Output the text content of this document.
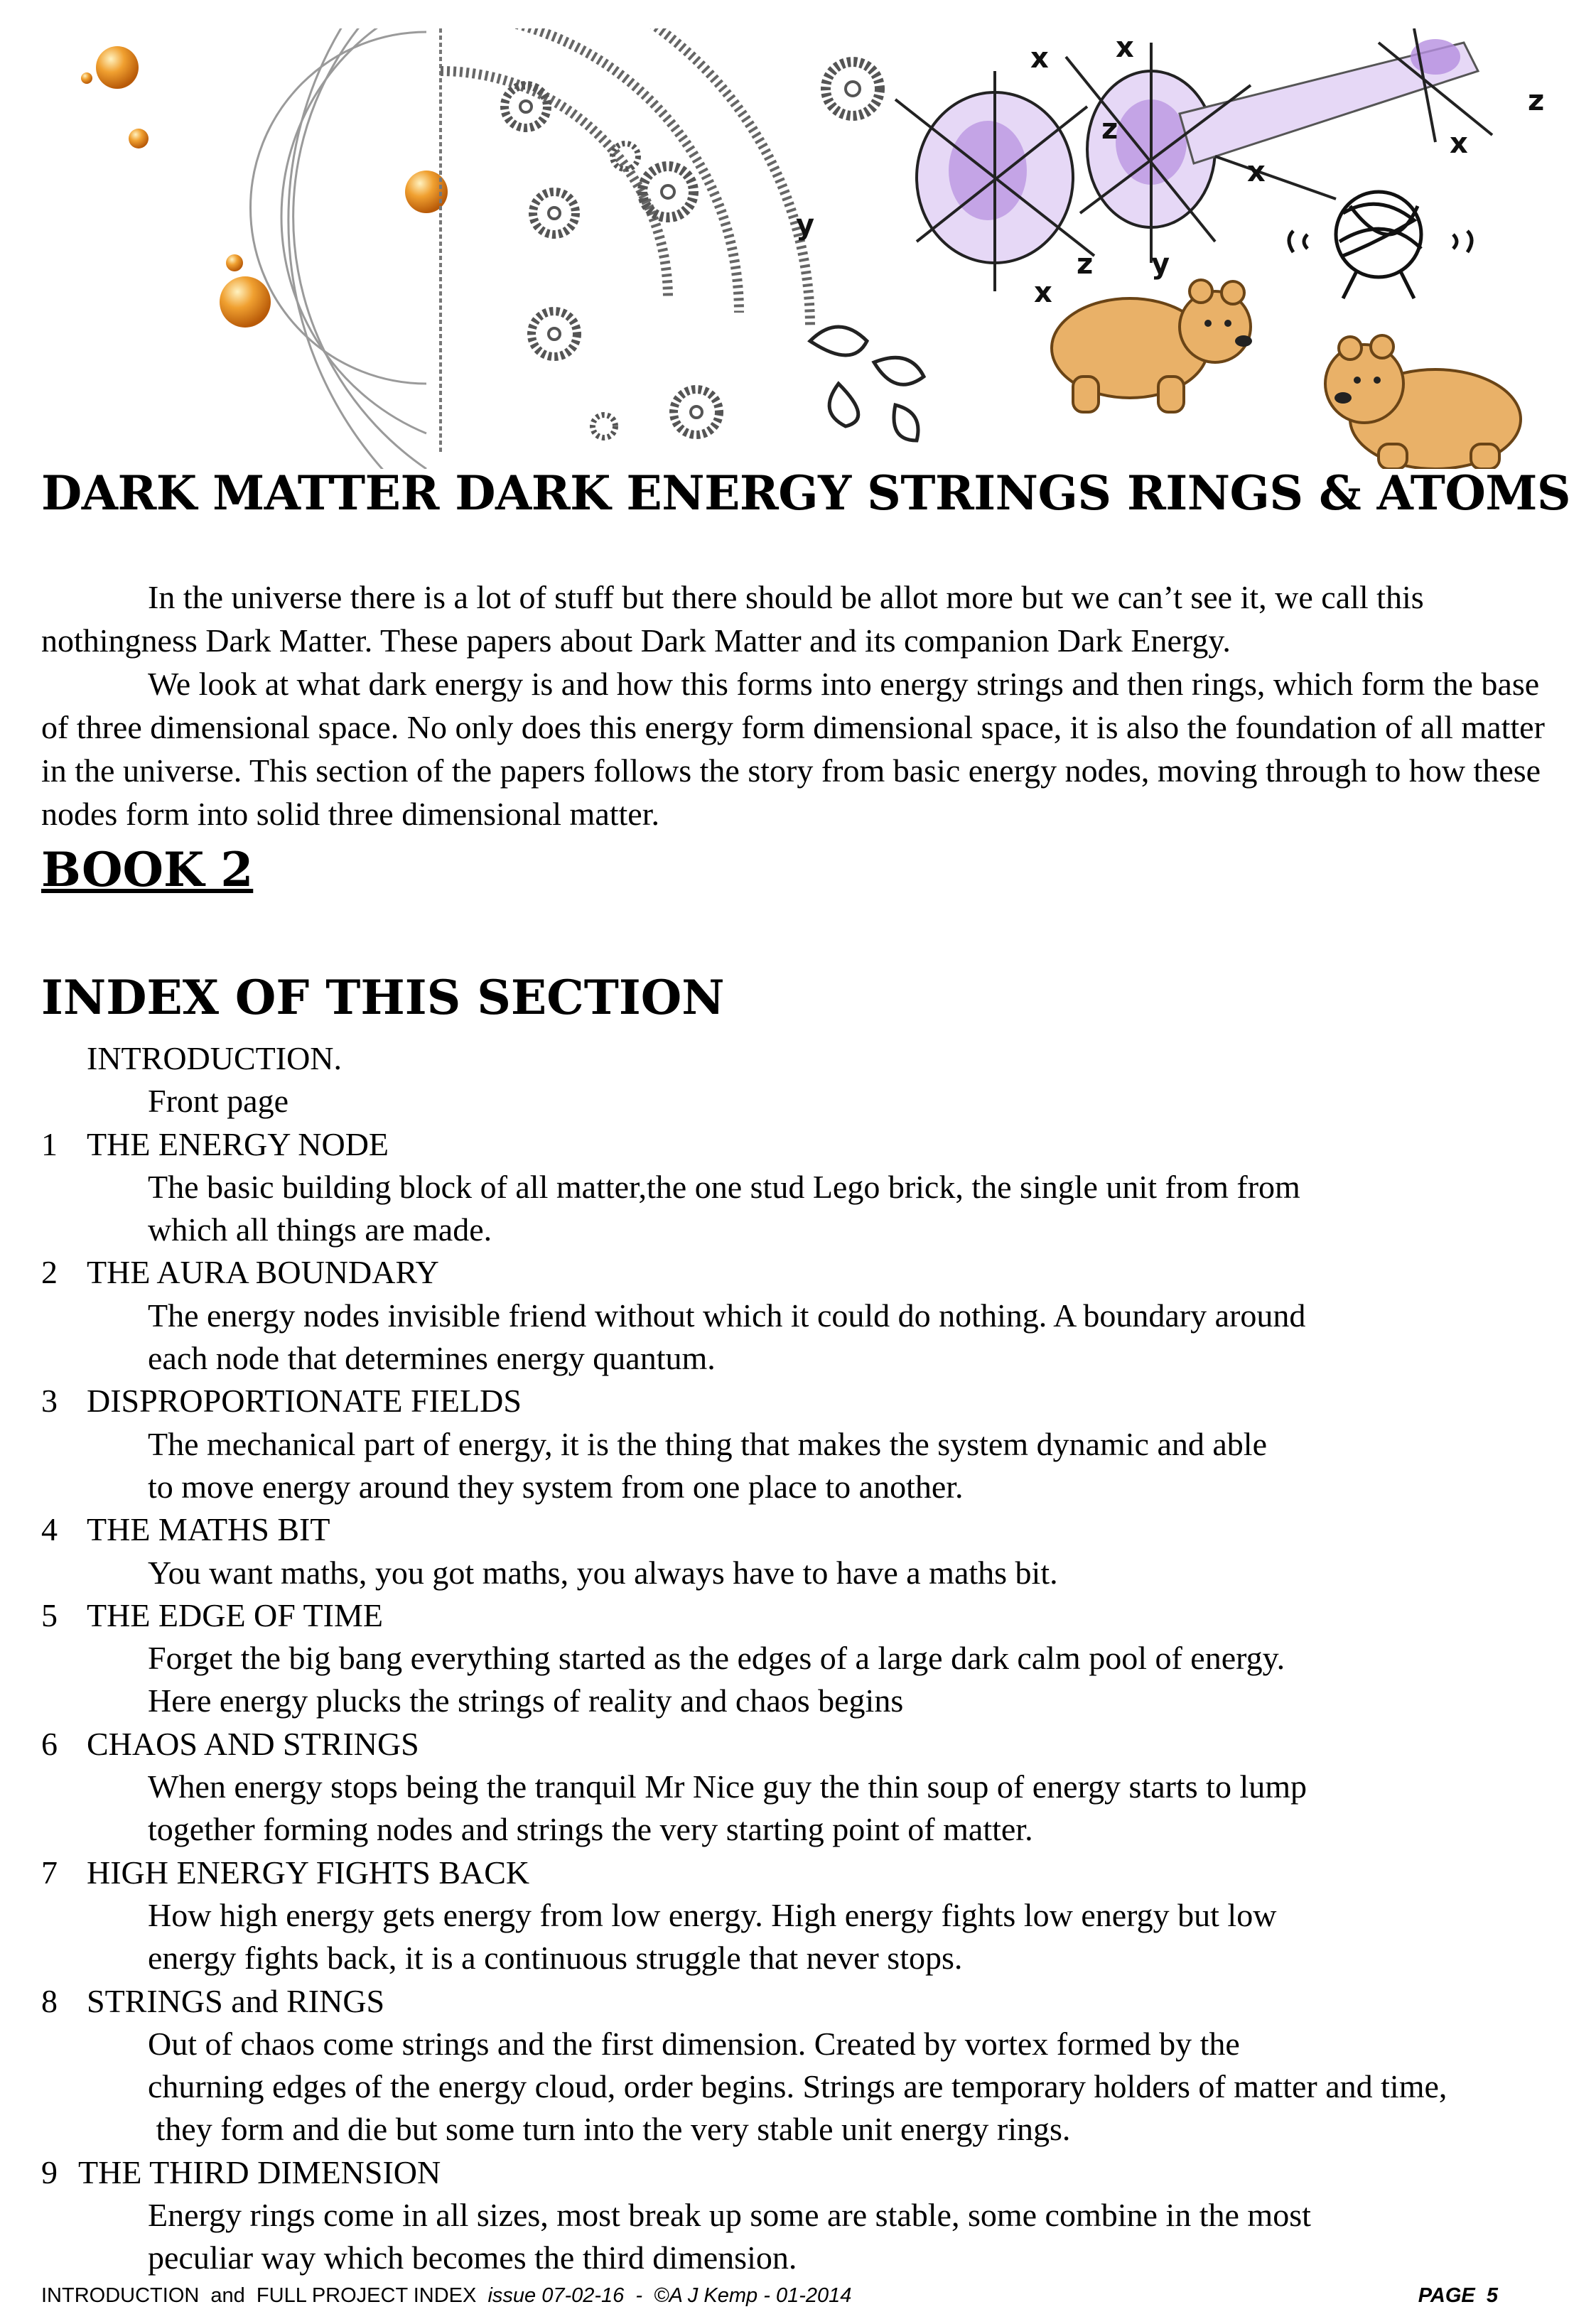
x
x
x
x
x
y
y
z
z
z
DARK MATTER DARK ENERGY STRINGS RINGS & ATOMS

In the universe there is a lot of stuff but there should be allot more but we can’t see it, we call this nothingness Dark Matter. These papers about Dark Matter and its companion Dark Energy.

We look at what dark energy is and how this forms into energy strings and then rings, which form the base of three dimensional space. No only does this energy form dimensional space, it is also the foundation of all matter in the universe. This section of the papers follows the story from basic energy nodes, moving through to how these nodes form into solid three dimensional matter.

BOOK 2
INDEX OF THIS SECTION
INTRODUCTION.

Front page

1 THE ENERGY NODE

The basic building block of all matter,the one stud Lego brick, the single unit from from

which all things are made.

2 THE AURA BOUNDARY

The energy nodes invisible friend without which it could do nothing. A boundary around

each node that determines energy quantum.

3 DISPROPORTIONATE FIELDS

The mechanical part of energy, it is the thing that makes the system dynamic and able

to move energy around they system from one place to another.

4 THE MATHS BIT

You want maths, you got maths, you always have to have a maths bit.

5 THE EDGE OF TIME

Forget the big bang everything started as the edges of a large dark calm pool of energy.

Here energy plucks the strings of reality and chaos begins

6 CHAOS AND STRINGS

When energy stops being the tranquil Mr Nice guy the thin soup of energy starts to lump

together forming nodes and strings the very starting point of matter.

7 HIGH ENERGY FIGHTS BACK

How high energy gets energy from low energy. High energy fights low energy but low

energy fights back, it is a continuous struggle that never stops.

8 STRINGS and RINGS

Out of chaos come strings and the first dimension. Created by vortex formed by the

churning edges of the energy cloud, order begins. Strings are temporary holders of matter and time,

they form and die but some turn into the very stable unit energy rings.

9 THE THIRD DIMENSION

Energy rings come in all sizes, most break up some are stable, some combine in the most

peculiar way which becomes the third dimension.

INTRODUCTION  and  FULL PROJECT INDEX issue 07-02-16  -  ©A J Kemp - 01-2014	PAGE 5
